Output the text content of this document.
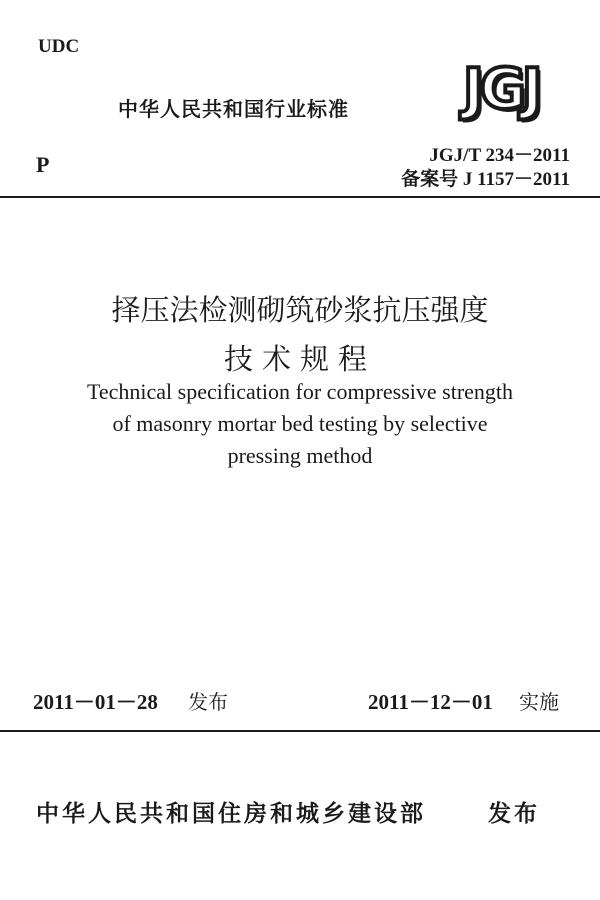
UDC
中华人民共和国行业标准 JGJ
P	JGJ/T 234－2011
备案号 J 1157－2011
择压法检测砌筑砂浆抗压强度
技术规程
Technical specification for compressive strength
of masonry mortar bed testing by selective
pressing method
2011－01－28 发布	2011－12－01 实施
中华人民共和国住房和城乡建设部	发布
